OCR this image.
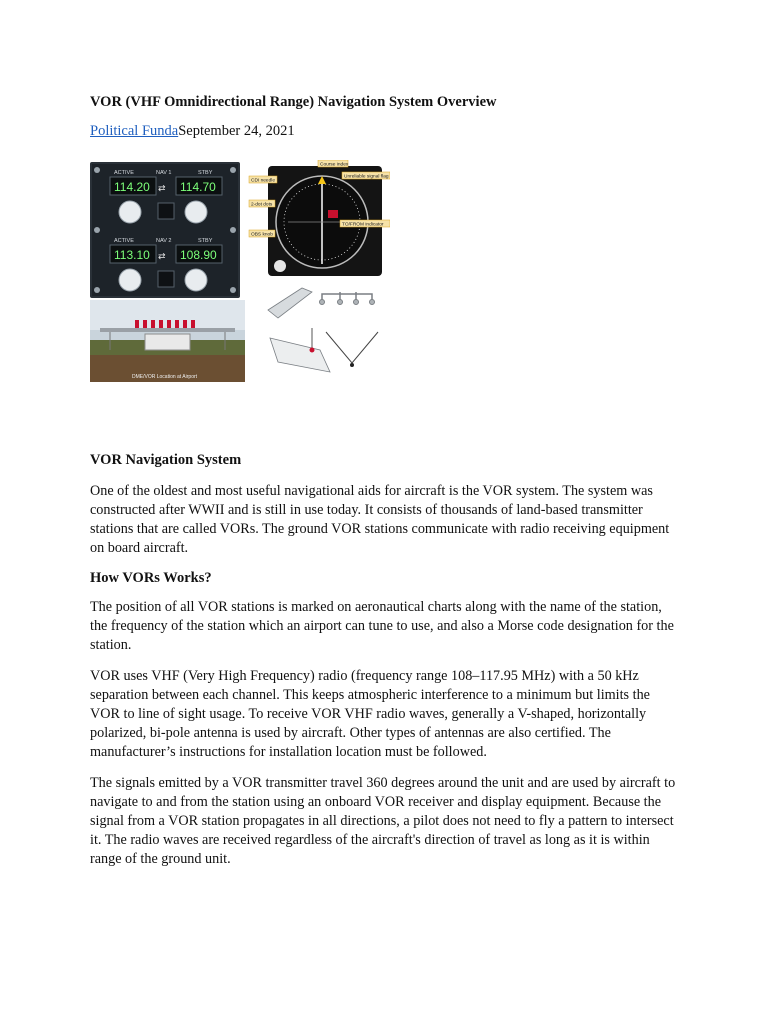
VOR (VHF Omnidirectional Range) Navigation System Overview
Political FundaSeptember 24, 2021
ACTIVE	NAV 1	STBY
114.20	114.70
⇄
ACTIVE	NAV 2	STBY
113.10	108.90
⇄
DME/VOR Location at Airport
Course index
CDI needle
Unreliable signal flag
2-dot dots
TO/FROM indicator
OBS knob
VOR Navigation System

One of the oldest and most useful navigational aids for aircraft is the VOR system. The system was constructed after WWII and is still in use today. It consists of thousands of land-based transmitter stations that are called VORs. The ground VOR stations communicate with radio receiving equipment on board aircraft.

How VORs Works?

The position of all VOR stations is marked on aeronautical charts along with the name of the station, the frequency of the station which an airport can tune to use, and also a Morse code designation for the station.

VOR uses VHF (Very High Frequency) radio (frequency range 108–117.95 MHz) with a 50 kHz separation between each channel. This keeps atmospheric interference to a minimum but limits the VOR to line of sight usage. To receive VOR VHF radio waves, generally a V-shaped, horizontally polarized, bi-pole antenna is used by aircraft. Other types of antennas are also certified. The manufacturer’s instructions for installation location must be followed.

The signals emitted by a VOR transmitter travel 360 degrees around the unit and are used by aircraft to navigate to and from the station using an onboard VOR receiver and display equipment. Because the signal from a VOR station propagates in all directions, a pilot does not need to fly a pattern to intersect it. The radio waves are received regardless of the aircraft's direction of travel as long as it is within range of the ground unit.
